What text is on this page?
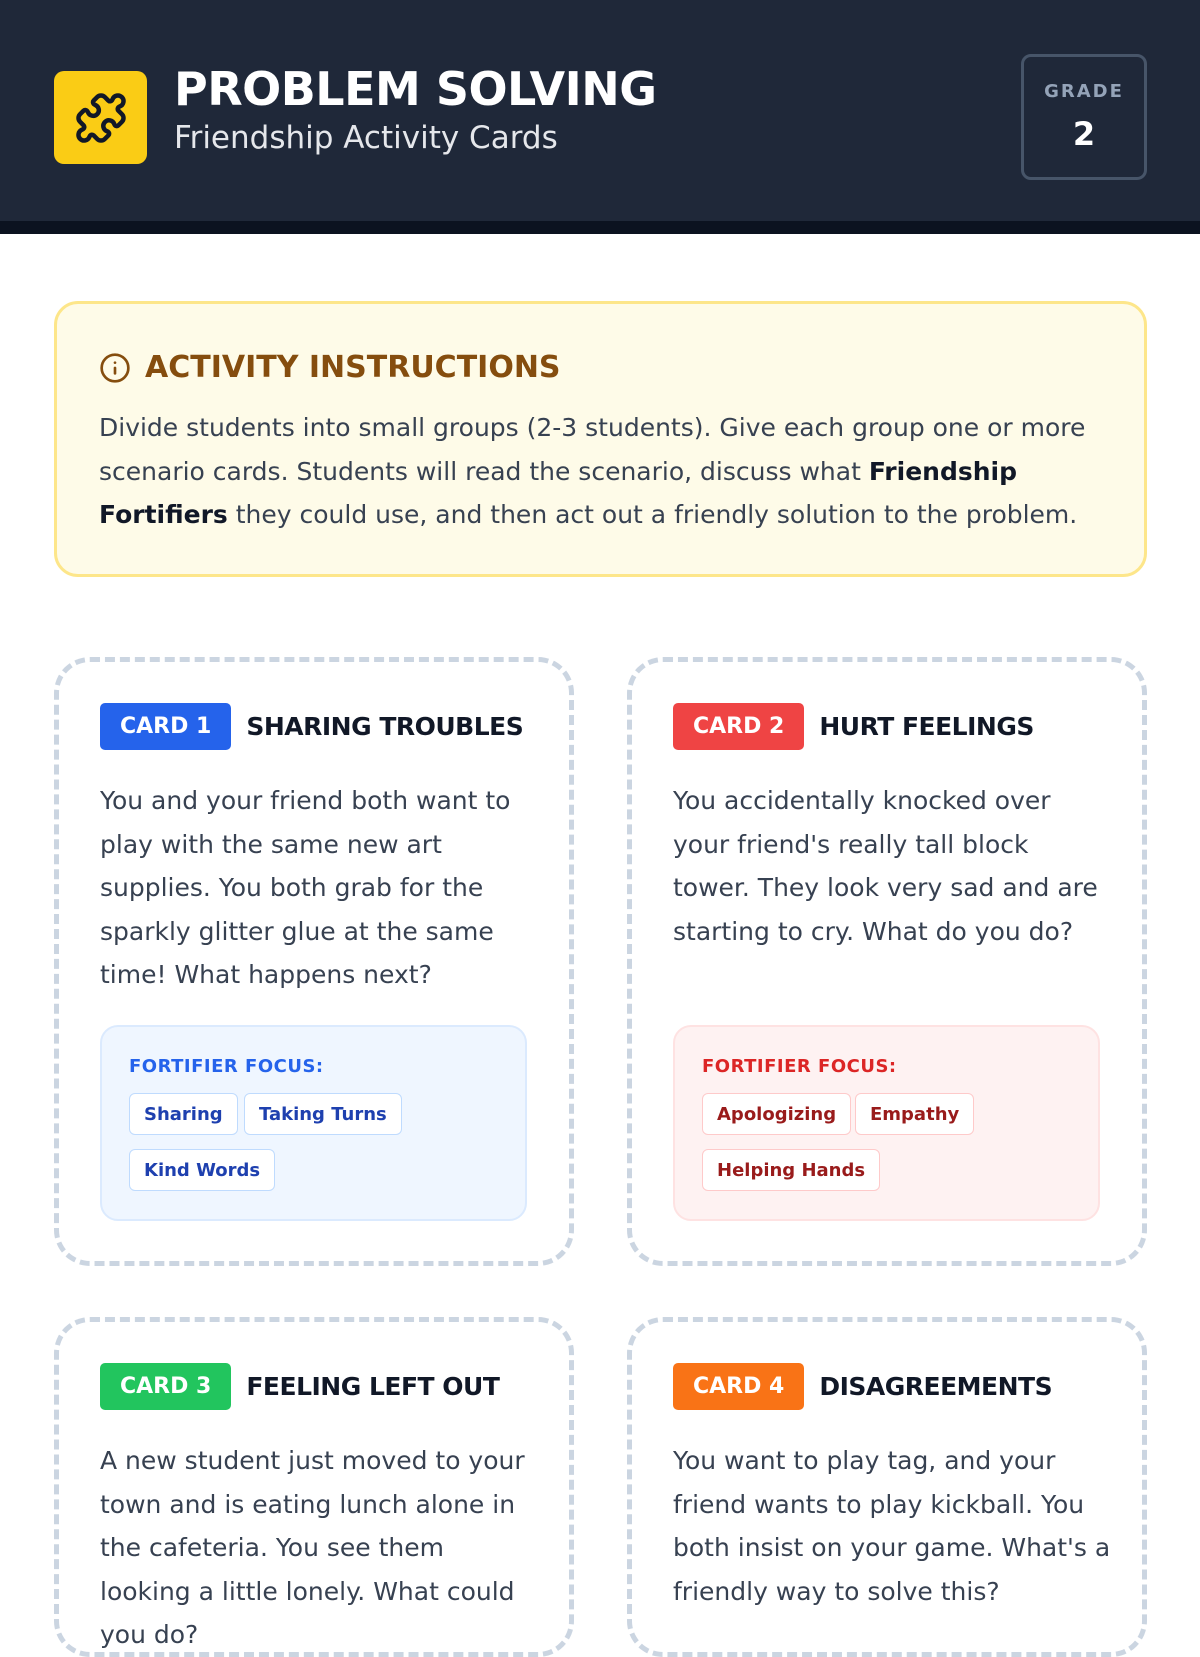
PROBLEM SOLVING
Friendship Activity Cards
GRADE
2
ACTIVITY INSTRUCTIONS

Divide students into small groups (2-3 students). Give each group one or more scenario cards. Students will read the scenario, discuss what Friendship Fortifiers they could use, and then act out a friendly solution to the problem.

CARD 1	SHARING TROUBLES

You and your friend both want to play with the same new art supplies. You both grab for the sparkly glitter glue at the same time! What happens next?

FORTIFIER FOCUS:
Sharing	Taking Turns
Kind Words
CARD 2	HURT FEELINGS

You accidentally knocked over your friend's really tall block tower. They look very sad and are starting to cry. What do you do?

FORTIFIER FOCUS:
Apologizing	Empathy
Helping Hands
CARD 3	FEELING LEFT OUT

A new student just moved to your town and is eating lunch alone in the cafeteria. You see them looking a little lonely. What could you do?

CARD 4	DISAGREEMENTS

You want to play tag, and your friend wants to play kickball. You both insist on your game. What's a friendly way to solve this?
